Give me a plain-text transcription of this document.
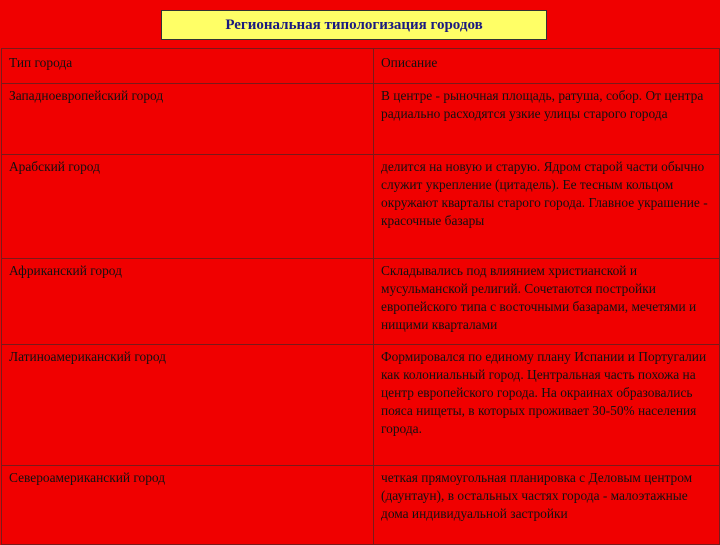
Региональная типологизация городов
Тип города	Описание
Западноевропейский город	В центре - рыночная площадь, ратуша, собор. От центра радиально расходятся узкие улицы старого города
Арабский город	делится на новую и старую. Ядром старой части обычно служит укрепление (цитадель). Ее тесным кольцом окружают кварталы старого города. Главное украшение - красочные базары
Африканский город	Складывались под влиянием христианской и мусульманской религий. Сочетаются постройки европейского типа с восточными базарами, мечетями и нищими кварталами
Латиноамериканский город	Формировался по единому плану Испании и Португалии как колониальный город. Центральная часть похожа на центр европейского города. На окраинах образовались пояса нищеты, в которых проживает 30-50% населения города.
Североамериканский город	четкая прямоугольная планировка с Деловым центром (даунтаун), в остальных частях города - малоэтажные дома индивидуальной застройки
